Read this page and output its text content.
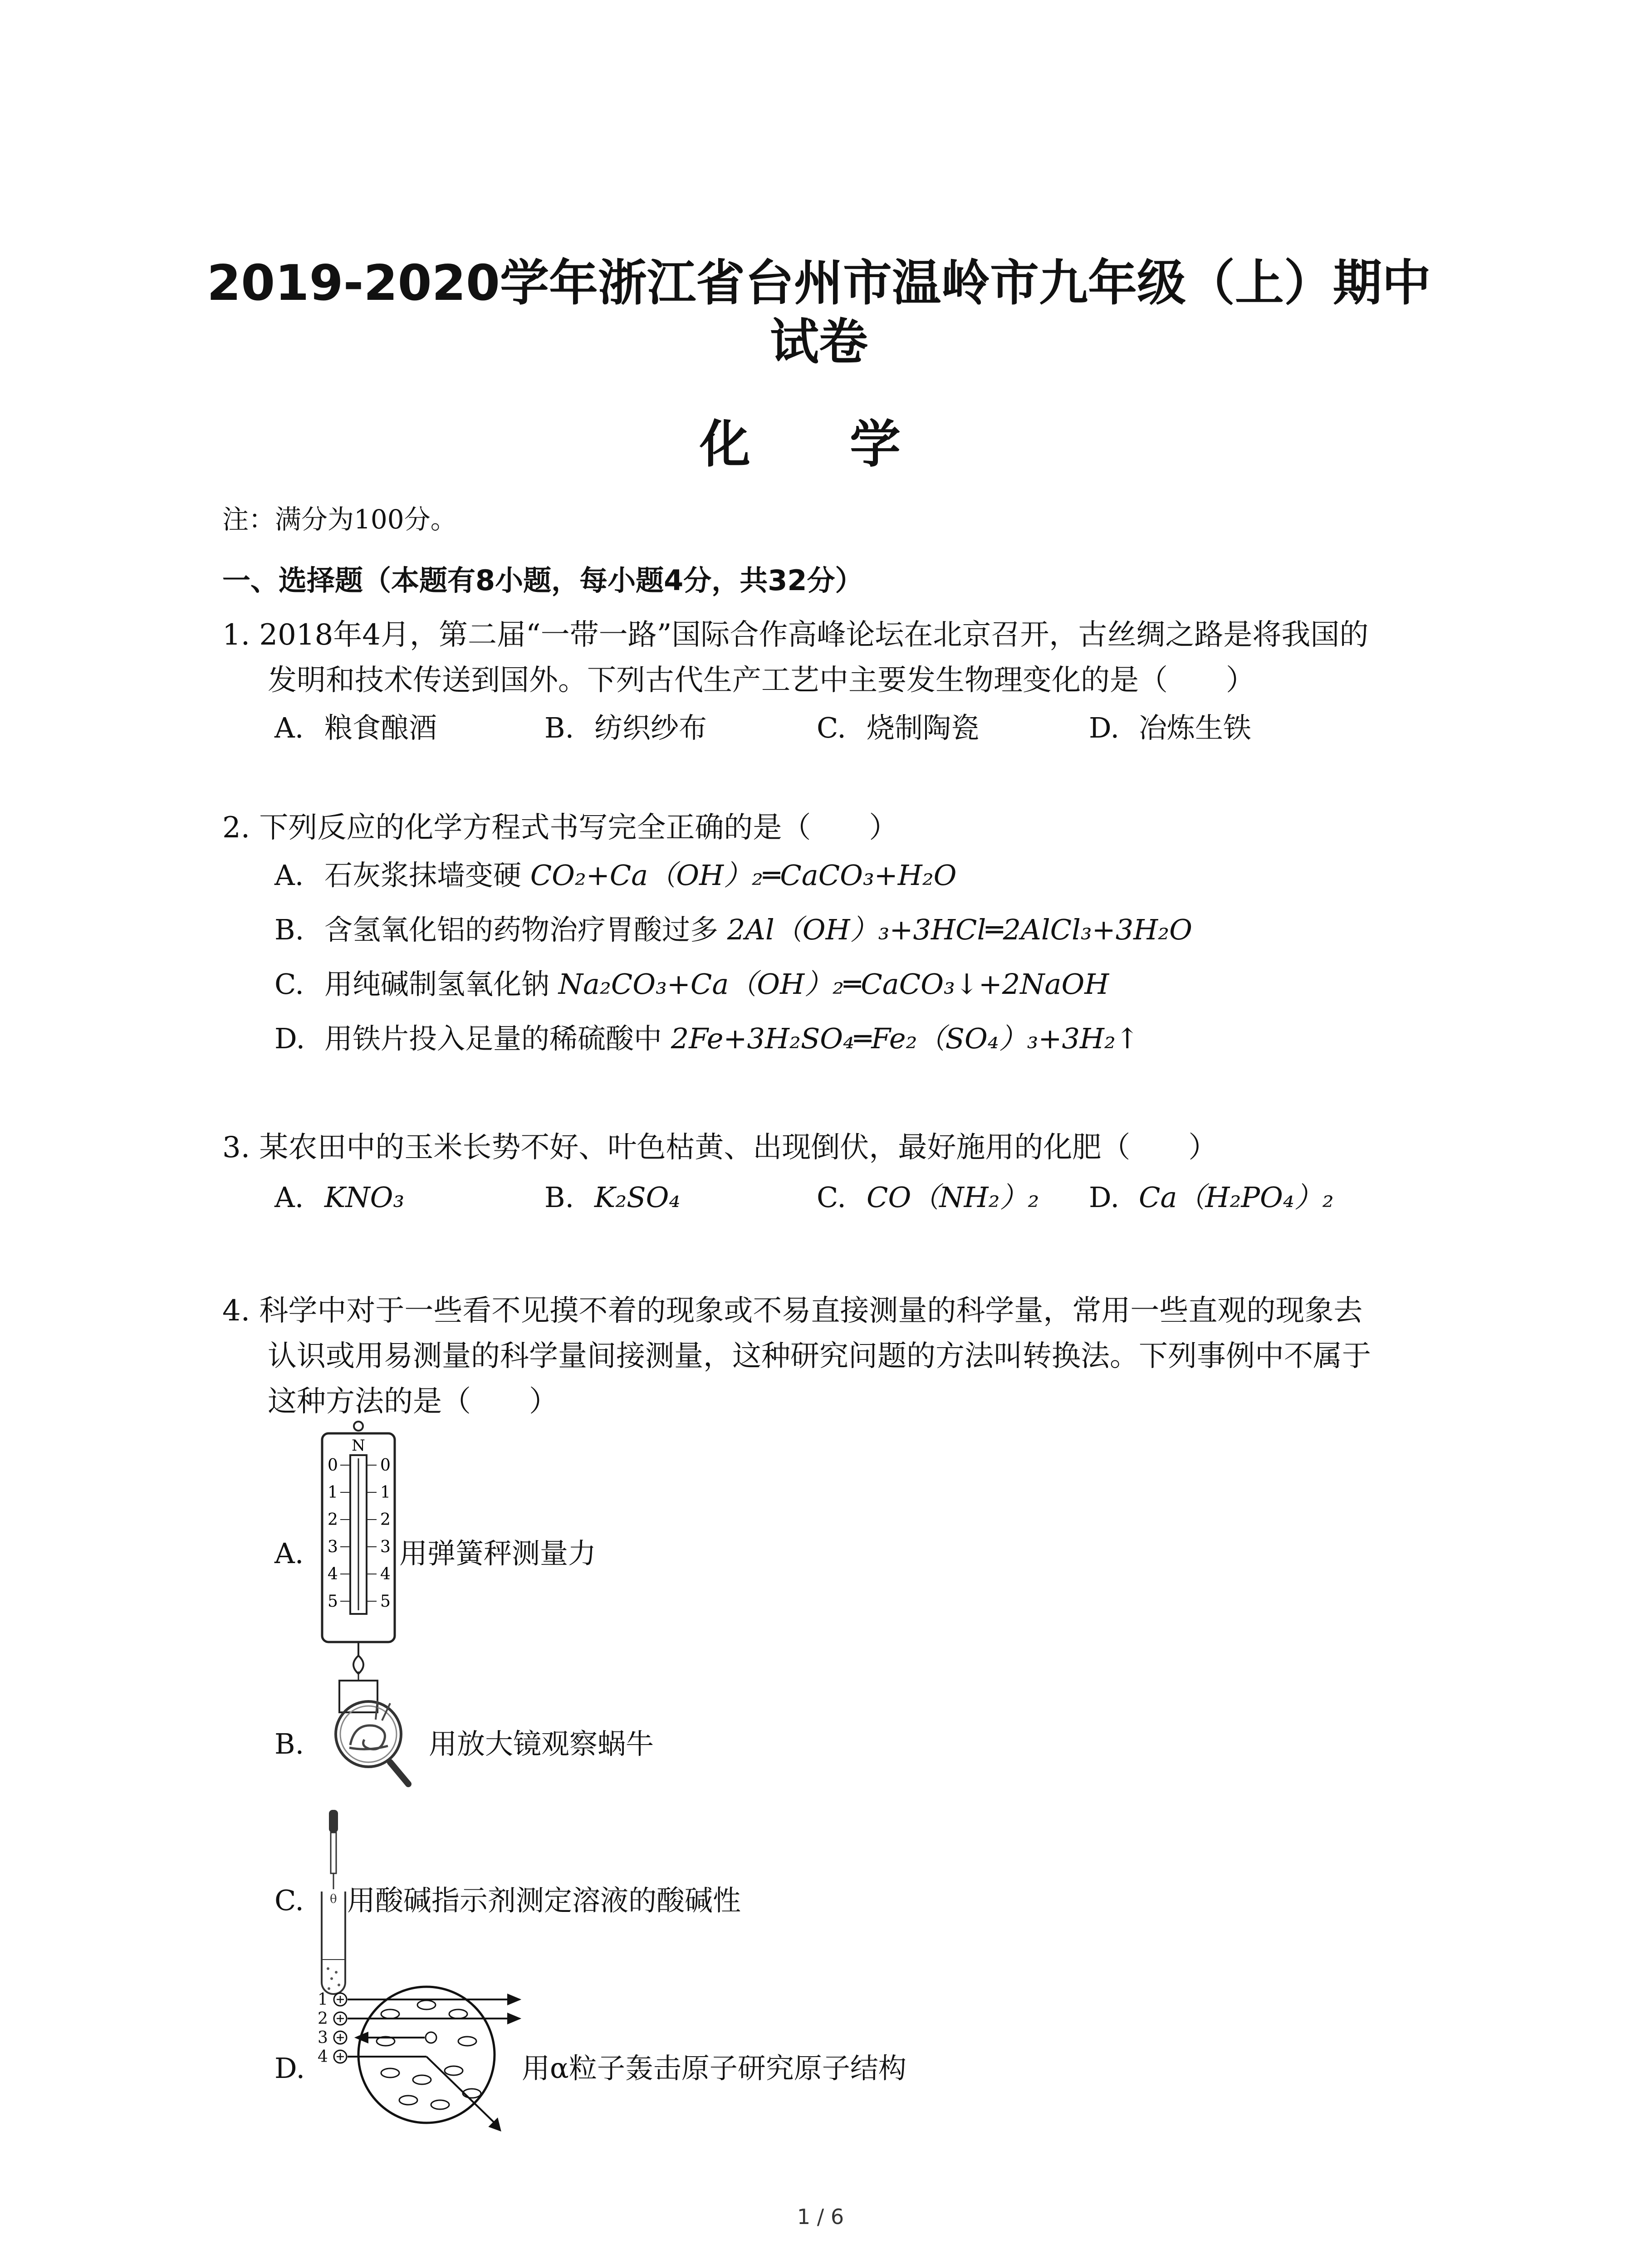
2019-2020学年浙江省台州市温岭市九年级（上）期中
试卷
化 学
注：满分为100分。
一、选择题（本题有8小题，每小题4分，共32分）
1. 2018年4月，第二届“一带一路”国际合作高峰论坛在北京召开，古丝绸之路是将我国的
发明和技术传送到国外。下列古代生产工艺中主要发生物理变化的是（　　）
A. 粮食酿酒	B. 纺织纱布	C. 烧制陶瓷	D. 冶炼生铁
2. 下列反应的化学方程式书写完全正确的是（　　）
A. 石灰浆抹墙变硬 CO₂+Ca（OH）₂═CaCO₃+H₂O
B. 含氢氧化铝的药物治疗胃酸过多 2Al（OH）₃+3HCl═2AlCl₃+3H₂O
C. 用纯碱制氢氧化钠 Na₂CO₃+Ca（OH）₂═CaCO₃↓+2NaOH
D. 用铁片投入足量的稀硫酸中 2Fe+3H₂SO₄═Fe₂（SO₄）₃+3H₂↑
3. 某农田中的玉米长势不好、叶色枯黄、出现倒伏，最好施用的化肥（　　）
A. KNO₃	B. K₂SO₄	C. CO（NH₂）₂ D. Ca（H₂PO₄）₂
4. 科学中对于一些看不见摸不着的现象或不易直接测量的科学量，常用一些直观的现象去
认识或用易测量的科学量间接测量，这种研究问题的方法叫转换法。下列事例中不属于
这种方法的是（　　）
A.
N
0
1
2
3
4
5
0
1
2
3
4
5
用弹簧秤测量力
B.	用放大镜观察蜗牛
C. θ 用酸碱指示剂测定溶液的酸碱性
D.
1
2
3
4	用α粒子轰击原子研究原子结构
1 / 6
